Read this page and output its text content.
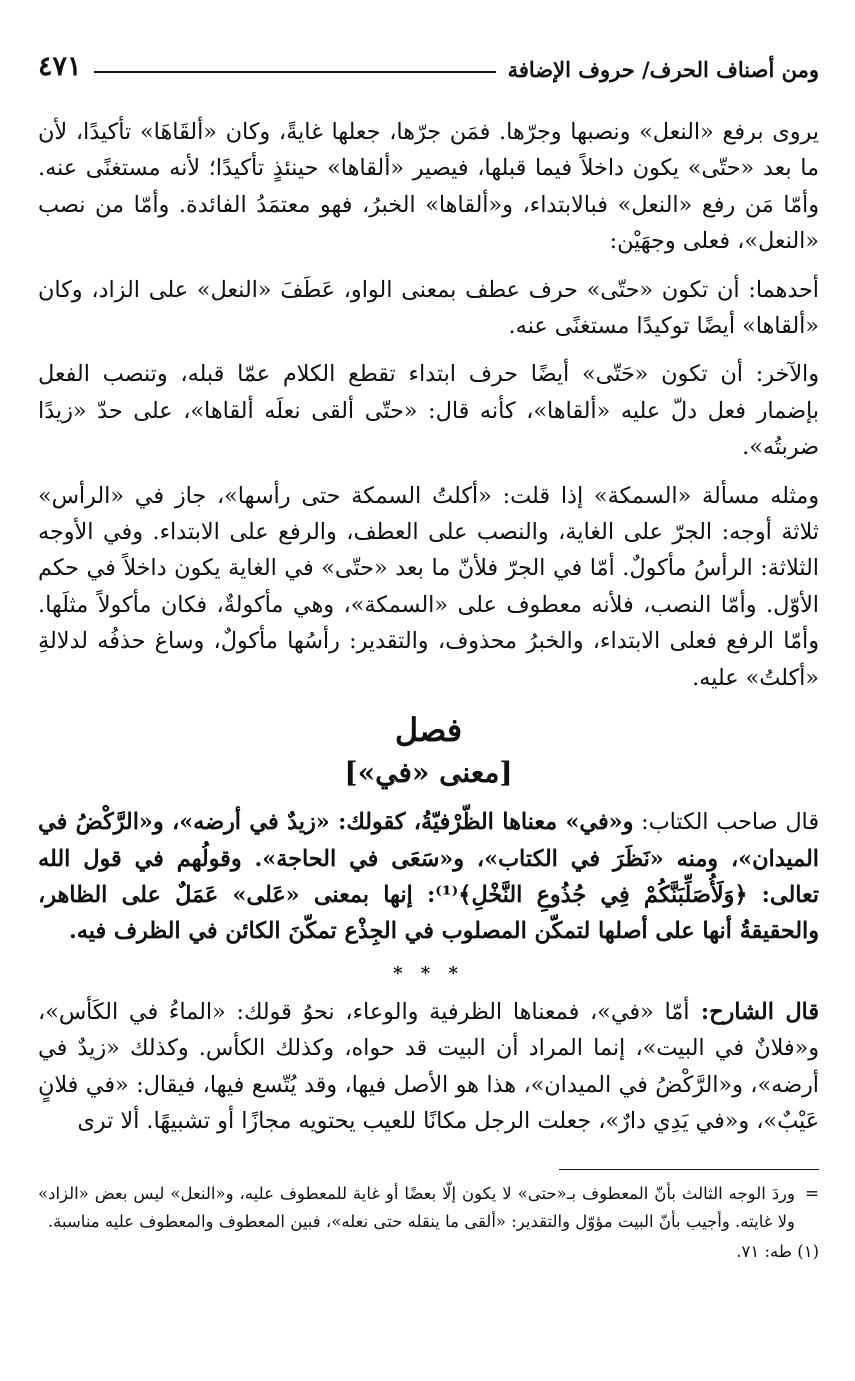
ومن أصناف الحرف/ حروف الإضافة
٤٧١

يروى برفع «النعل» ونصبها وجرّها. فمَن جرّها، جعلها غايةً، وكان «ألقَاهَا» تأكيدًا، لأن ما بعد «حتّى» يكون داخلاً فيما قبلها، فيصير «ألقاها» حينئذٍ تأكيدًا؛ لأنه مستغنًى عنه. وأمّا مَن رفع «النعل» فبالابتداء، و«ألقاها» الخبرُ، فهو معتمَدُ الفائدة. وأمّا من نصب «النعل»، فعلى وجهَيْن:

أحدهما: أن تكون «حتّى» حرف عطف بمعنى الواو، عَطَفَ «النعل» على الزاد، وكان «ألقاها» أيضًا توكيدًا مستغنًى عنه.

والآخر: أن تكون «حَتّى» أيضًا حرف ابتداء تقطع الكلام عمّا قبله، وتنصب الفعل بإضمار فعل دلّ عليه «ألقاها»، كأنه قال: «حتّى ألقى نعلَه ألقاها»، على حدّ «زيدًا ضربتُه».

ومثله مسألة «السمكة» إذا قلت: «أكلتُ السمكة حتى رأسها»، جاز في «الرأس» ثلاثة أوجه: الجرّ على الغاية، والنصب على العطف، والرفع على الابتداء. وفي الأوجه الثلاثة: الرأسُ مأكولٌ. أمّا في الجرّ فلأنّ ما بعد «حتّى» في الغاية يكون داخلاً في حكم الأوّل. وأمّا النصب، فلأنه معطوف على «السمكة»، وهي مأكولةٌ، فكان مأكولاً مثلَها. وأمّا الرفع فعلى الابتداء، والخبرُ محذوف، والتقدير: رأسُها مأكولٌ، وساغ حذفُه لدلالةِ «أكلتُ» عليه.

فصل
[معنى «في»]

قال صاحب الكتاب: و«في» معناها الظّرْفيّةُ، كقولك: «زيدٌ في أرضه»، و«الرَّكْضُ في الميدان»، ومنه «نَظَرَ في الكتاب»، و«سَعَى في الحاجة». وقولُهم في قول الله تعالى: ﴿وَلَأُصَلِّبَنَّكُمْ فِي جُذُوعِ النَّخْلِ﴾⁽¹⁾: إنها بمعنى «عَلى» عَمَلٌ على الظاهر، والحقيقةُ أنها على أصلها لتمكّن المصلوب في الجِذْع تمكّنَ الكائن في الظرف فيه.

* * *

قال الشارح: أمّا «في»، فمعناها الظرفية والوعاء، نحوُ قولك: «الماءُ في الكَأس»، و«فلانٌ في البيت»، إنما المراد أن البيت قد حواه، وكذلك الكأس. وكذلك «زيدٌ في أرضه»، و«الرَّكْضُ في الميدان»، هذا هو الأصل فيها، وقد يُتّسع فيها، فيقال: «في فلانٍ عَيْبٌ»، و«في يَدِي دارٌ»، جعلت الرجل مكانًا للعيب يحتويه مجازًا أو تشبيهًا. ألا ترى

=
وردَ الوجه الثالث بأنّ المعطوف بـ«حتى» لا يكون إلّا بعضًا أو غاية للمعطوف عليه، و«النعل» ليس بعض «الزاد» ولا غايته. وأجيب بأنّ البيت مؤوّل والتقدير: «ألقى ما ينقله حتى نعله»، فبين المعطوف والمعطوف عليه مناسبة.
(١) طه: ٧١.
